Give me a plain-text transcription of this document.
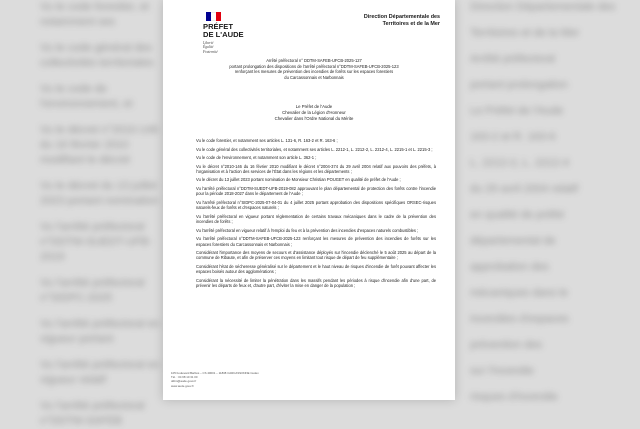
Vu le code forestier, et notamment ses

Vu le code général des collectivités territoriales

Vu le code de l'environnement, et

Vu le décret n°2010-146 du 16 février 2010 modifiant le décret

Vu le décret du 13 juillet 2023 portant nomination

Vu l'arrêté préfectoral n°DDTM-SUEDT-UFB-2019

Vu l'arrêté préfectoral n°SIDPC-2025

Vu l'arrêté préfectoral en vigueur portant

Vu l'arrêté préfectoral en vigueur relatif

Vu l'arrêté préfectoral n°DDTM-SAFEB

Direction Départementale des

Territoires et de la Mer

Arrêté préfectoral

portant prolongation

Le Préfet de l'Aude

163-2 et R. 163-6

L. 2212-2, L. 2212-4

du 29 avril 2004 relatif

en qualité de préfet

départemental de

approbation des

mécaniques dans le

incendies d'espaces

prévention des

sur l'incendie

risques d'incendie

PRÉFET
DE L'AUDE
Liberté
Égalité
Fraternité
Direction Départementale des
Territoires et de la Mer
Arrêté préfectoral n° DDTM-SAFEB-UFCB-2025-127
portant prolongation des dispositions de l'arrêté préfectoral n°DDTM-SAFEB-UFCB-2025-123
renforçant les mesures de prévention des incendies de forêts sur les espaces forestiers
du Carcassonnais et Narbonnais
Le Préfet de l'Aude
Chevalier de la Légion d'Honneur
Chevalier dans l'Ordre National du Mérite

Vu le code forestier, et notamment ses articles L. 131-6, R. 163-2 et R. 163-6 ;

Vu le code général des collectivités territoriales, et notamment ses articles L. 2212-1, L. 2212-2, L. 2212-4, L. 2215-1 et L. 2215-3 ;

Vu le code de l'environnement, et notamment son article L. 362-1 ;

Vu le décret n°2010-146 du 16 février 2010 modifiant le décret n°2004-374 du 29 avril 2004 relatif aux pouvoirs des préfets, à l'organisation et à l'action des services de l'État dans les régions et les départements ;

Vu le décret du 13 juillet 2023 portant nomination de Monsieur Christian POUGET en qualité de préfet de l'Aude ;

Vu l'arrêté préfectoral n°DDTM-SUEDT-UFB-2019-082 approuvant le plan départemental de protection des forêts contre l'incendie pour la période 2018-2027 dans le département de l'Aude ;

Vu l'arrêté préfectoral n°SIDPC-2025-07-04-01 du 4 juillet 2025 portant approbation des dispositions spécifiques ORSEC-risques naturels-feux de forêts et d'espaces naturels ;

Vu l'arrêté préfectoral en vigueur portant réglementation de certains travaux mécaniques dans le cadre de la prévention des incendies de forêts ;

Vu l'arrêté préfectoral en vigueur relatif à l'emploi du feu et à la prévention des incendies d'espaces naturels combustibles ;

Vu l'arrêté préfectoral n°DDTM-SAFEB-UFCB-2025-123 renforçant les mesures de prévention des incendies de forêts sur les espaces forestiers du Carcassonnais et Narbonnais ;

Considérant l'importance des moyens de secours et d'assistance déployés sur l'incendie déclenché le 5 août 2025 au départ de la commune de Ribaute, et afin de préserver ces moyens en limitant tout risque de départ de feu supplémentaire ;

Considérant l'état de sécheresse généralisé sur le département et le haut niveau de risques d'incendie de forêt pouvant affecter les espaces boisés autour des agglomérations ;

Considérant la nécessité de limiter la pénétration dans les massifs pendant les périodes à risque d'incendie afin d'une part, de prévenir les départs de feux et, d'autre part, d'éviter la mise en danger de la population ;

105 boulevard Barbès – CS 40001 – 11838 CARCASSONNE Cedex
Tél. : 04 68 10 31 00
ddtm@aude.gouv.fr
www.aude.gouv.fr
